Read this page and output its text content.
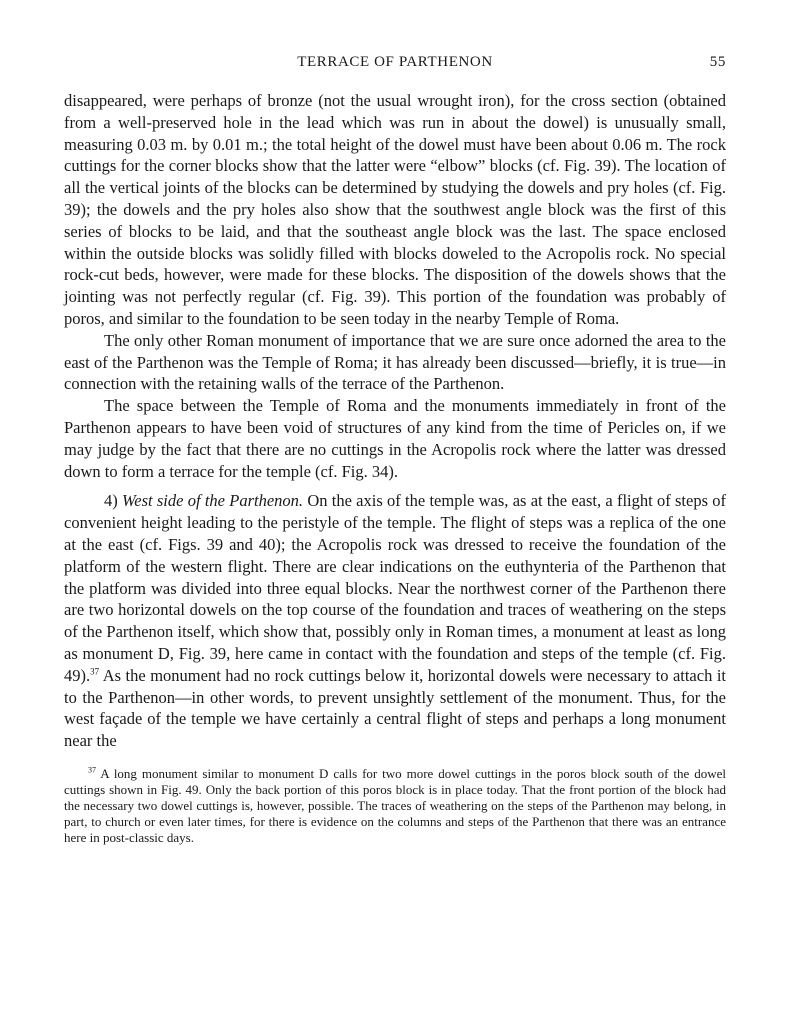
TERRACE OF PARTHENON	55

disappeared, were perhaps of bronze (not the usual wrought iron), for the cross section (obtained from a well-preserved hole in the lead which was run in about the dowel) is unusually small, measuring 0.03 m. by 0.01 m.; the total height of the dowel must have been about 0.06 m. The rock cuttings for the corner blocks show that the latter were “elbow” blocks (cf. Fig. 39). The location of all the vertical joints of the blocks can be determined by studying the dowels and pry holes (cf. Fig. 39); the dowels and the pry holes also show that the southwest angle block was the first of this series of blocks to be laid, and that the southeast angle block was the last. The space enclosed within the outside blocks was solidly filled with blocks doweled to the Acropolis rock. No special rock-cut beds, however, were made for these blocks. The disposition of the dowels shows that the jointing was not perfectly regular (cf. Fig. 39). This portion of the foundation was probably of poros, and similar to the foundation to be seen today in the nearby Temple of Roma.

The only other Roman monument of importance that we are sure once adorned the area to the east of the Parthenon was the Temple of Roma; it has already been discussed—briefly, it is true—in connection with the retaining walls of the terrace of the Parthenon.

The space between the Temple of Roma and the monuments immediately in front of the Parthenon appears to have been void of structures of any kind from the time of Pericles on, if we may judge by the fact that there are no cuttings in the Acropolis rock where the latter was dressed down to form a terrace for the temple (cf. Fig. 34).

4) West side of the Parthenon. On the axis of the temple was, as at the east, a flight of steps of convenient height leading to the peristyle of the temple. The flight of steps was a replica of the one at the east (cf. Figs. 39 and 40); the Acropolis rock was dressed to receive the foundation of the platform of the western flight. There are clear indications on the euthynteria of the Parthenon that the platform was divided into three equal blocks. Near the northwest corner of the Parthenon there are two horizontal dowels on the top course of the foundation and traces of weathering on the steps of the Parthenon itself, which show that, possibly only in Roman times, a monument at least as long as monument D, Fig. 39, here came in contact with the foundation and steps of the temple (cf. Fig. 49).$^{37}$ As the monument had no rock cuttings below it, horizontal dowels were necessary to attach it to the Parthenon—in other words, to prevent unsightly settlement of the monument. Thus, for the west façade of the temple we have certainly a central flight of steps and perhaps a long monument near the

$^{37}$ A long monument similar to monument D calls for two more dowel cuttings in the poros block south of the dowel cuttings shown in Fig. 49. Only the back portion of this poros block is in place today. That the front portion of the block had the necessary two dowel cuttings is, however, possible. The traces of weathering on the steps of the Parthenon may belong, in part, to church or even later times, for there is evidence on the columns and steps of the Parthenon that there was an entrance here in post-classic days.
